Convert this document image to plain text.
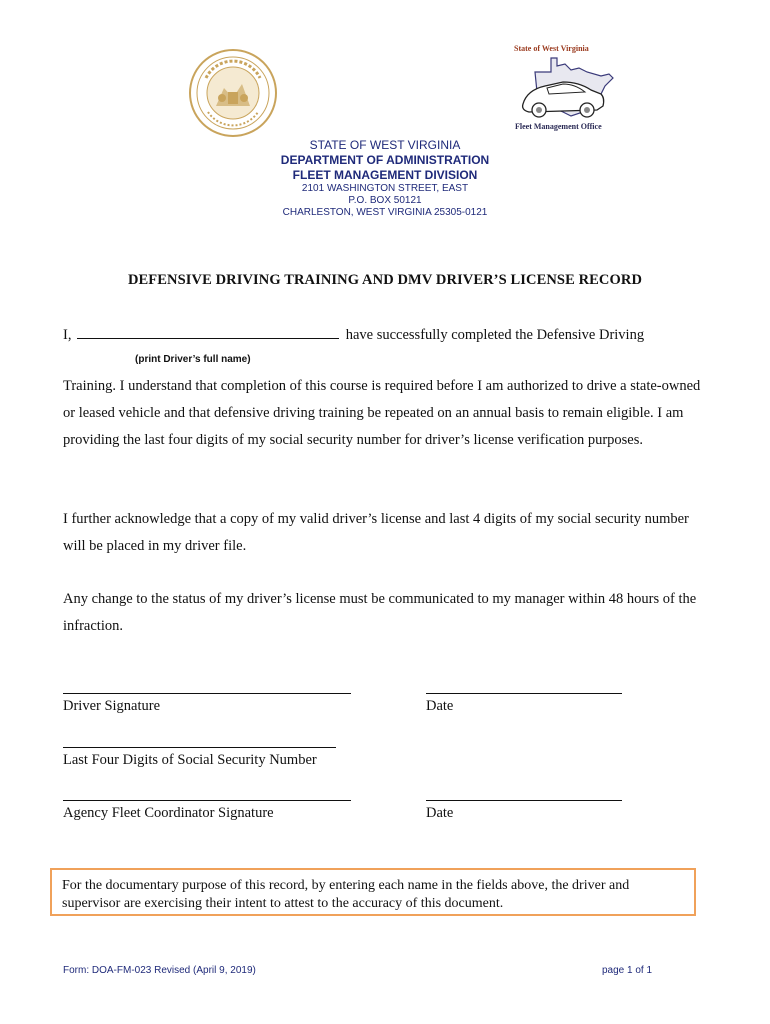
State of West Virginia
Fleet Management Office
STATE OF WEST VIRGINIA
DEPARTMENT OF ADMINISTRATION
FLEET MANAGEMENT DIVISION
2101 WASHINGTON STREET, EAST
P.O. BOX 50121
CHARLESTON, WEST VIRGINIA 25305-0121
DEFENSIVE DRIVING TRAINING AND DMV DRIVER’S LICENSE RECORD
I,	have successfully completed the Defensive Driving
(print Driver’s full name)
Training. I understand that completion of this course is required before I am authorized to drive a state-owned or leased vehicle and that defensive driving training be repeated on an annual basis to remain eligible. I am providing the last four digits of my social security number for driver’s license verification purposes.
I further acknowledge that a copy of my valid driver’s license and last 4 digits of my social security number will be placed in my driver file.
Any change to the status of my driver’s license must be communicated to my manager within 48 hours of the infraction.
Driver Signature	Date
Last Four Digits of Social Security Number
Agency Fleet Coordinator Signature	Date
For the documentary purpose of this record, by entering each name in the fields above, the driver and supervisor are exercising their intent to attest to the accuracy of this document.
Form: DOA-FM-023 Revised (April 9, 2019)	page 1 of 1
